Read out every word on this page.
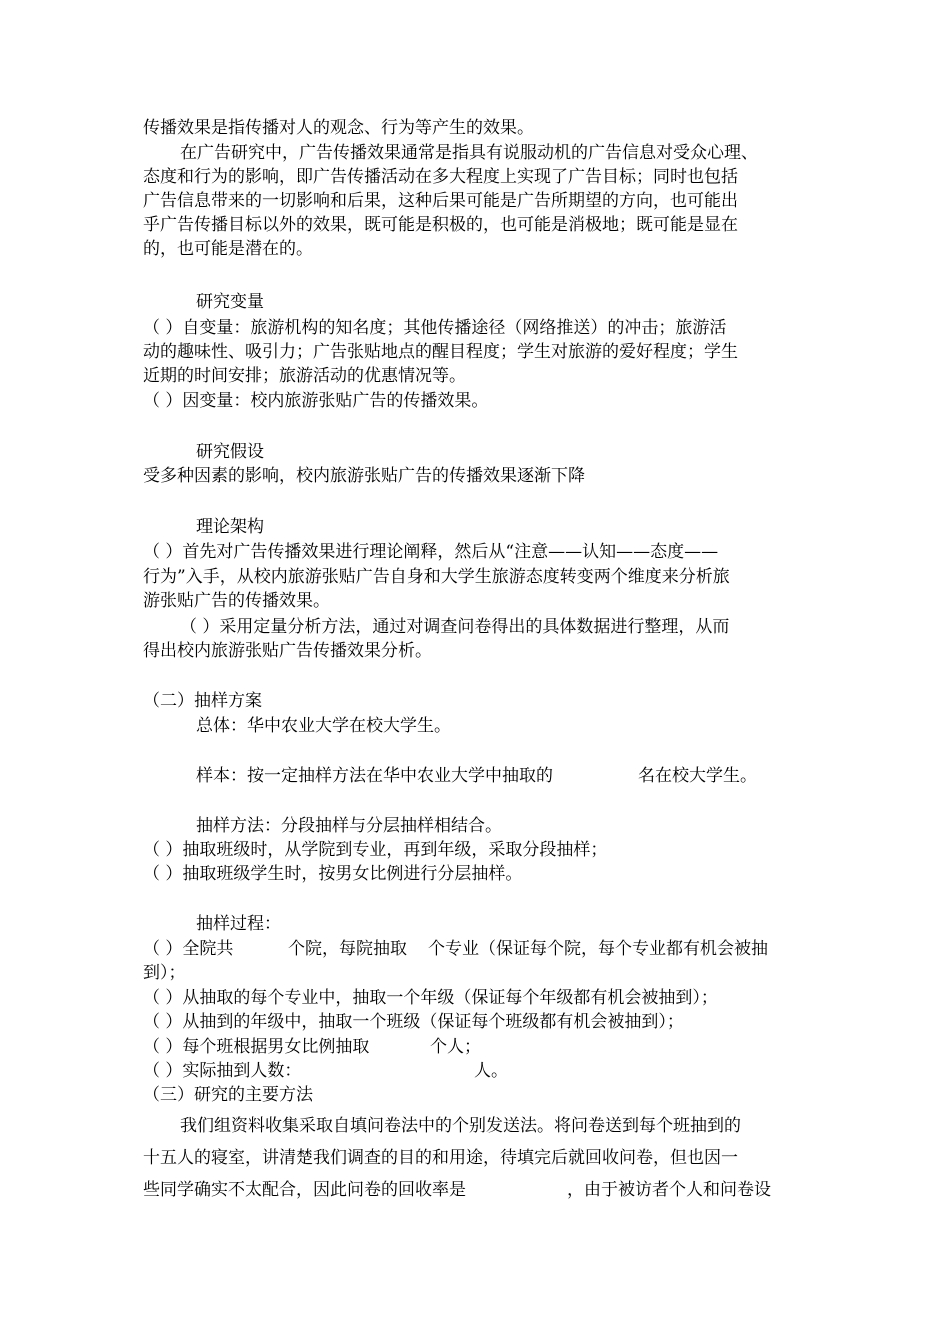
传播效果是指传播对人的观念、行为等产生的效果。
在广告研究中，广告传播效果通常是指具有说服动机的广告信息对受众心理、
态度和行为的影响，即广告传播活动在多大程度上实现了广告目标；同时也包括
广告信息带来的一切影响和后果，这种后果可能是广告所期望的方向，也可能出
乎广告传播目标以外的效果，既可能是积极的，也可能是消极地；既可能是显在
的，也可能是潜在的。
研究变量
（ ）自变量：旅游机构的知名度；其他传播途径（网络推送）的冲击；旅游活
动的趣味性、吸引力；广告张贴地点的醒目程度；学生对旅游的爱好程度；学生
近期的时间安排；旅游活动的优惠情况等。
（ ）因变量：校内旅游张贴广告的传播效果。
研究假设
受多种因素的影响，校内旅游张贴广告的传播效果逐渐下降
理论架构
（ ）首先对广告传播效果进行理论阐释，然后从“注意——认知——态度——
行为”入手，从校内旅游张贴广告自身和大学生旅游态度转变两个维度来分析旅
游张贴广告的传播效果。
（ ）采用定量分析方法，通过对调查问卷得出的具体数据进行整理，从而
得出校内旅游张贴广告传播效果分析。
（二）抽样方案
总体：华中农业大学在校大学生。
样本：按一定抽样方法在华中农业大学中抽取的	名在校大学生。
抽样方法：分段抽样与分层抽样相结合。
（ ）抽取班级时，从学院到专业，再到年级，采取分段抽样；
（ ）抽取班级学生时，按男女比例进行分层抽样。
抽样过程：
（ ）全院共	个院，每院抽取 个专业（保证每个院，每个专业都有机会被抽
到）；
（ ）从抽取的每个专业中，抽取一个年级（保证每个年级都有机会被抽到）；
（ ）从抽到的年级中，抽取一个班级（保证每个班级都有机会被抽到）；
（ ）每个班根据男女比例抽取	个人；
（ ）实际抽到人数：	人。
（三）研究的主要方法
我们组资料收集采取自填问卷法中的个别发送法。将问卷送到每个班抽到的
十五人的寝室，讲清楚我们调查的目的和用途，待填完后就回收问卷，但也因一
些同学确实不太配合，因此问卷的回收率是	，由于被访者个人和问卷设
